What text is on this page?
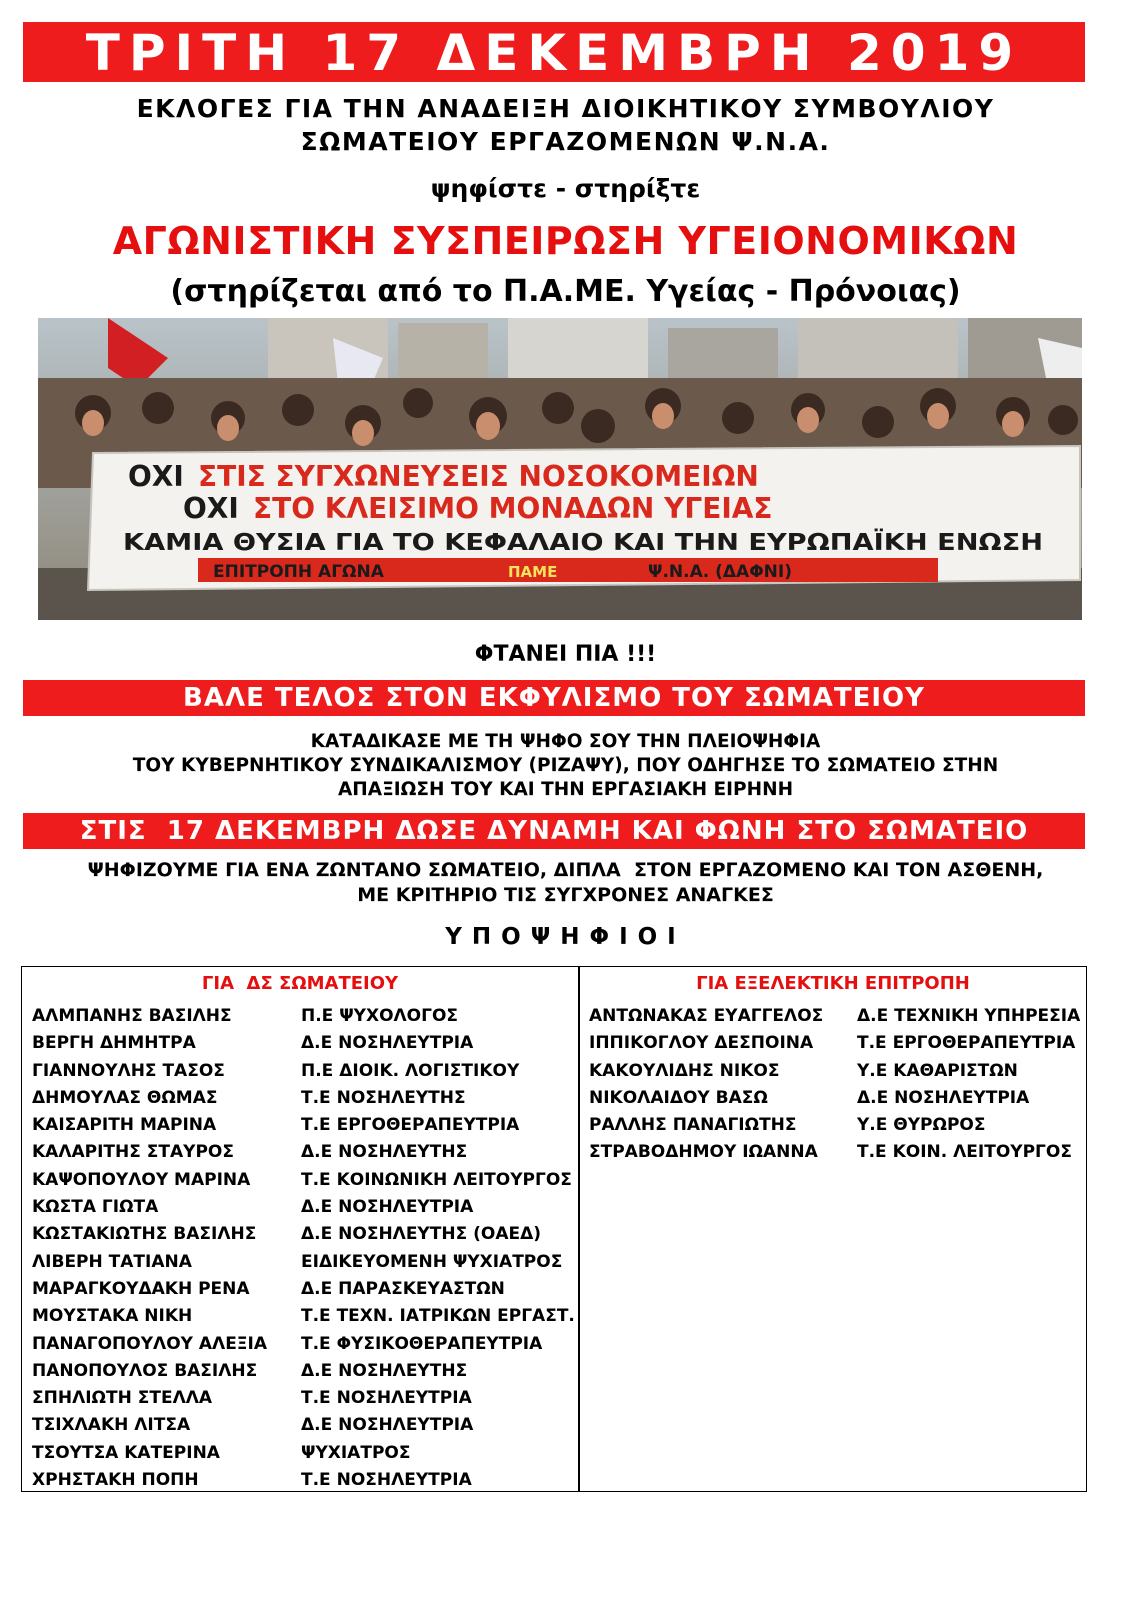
ΤΡΙΤΗ 17 ΔΕΚΕΜΒΡΗ 2019
ΕΚΛΟΓΕΣ ΓΙΑ ΤΗΝ ΑΝΑΔΕΙΞΗ ΔΙΟΙΚΗΤΙΚΟΥ ΣΥΜΒΟΥΛΙΟΥ
ΣΩΜΑΤΕΙΟΥ ΕΡΓΑΖΟΜΕΝΩΝ Ψ.Ν.Α.
ψηφίστε - στηρίξτε
ΑΓΩΝΙΣΤΙΚΗ ΣΥΣΠΕΙΡΩΣΗ ΥΓΕΙΟΝΟΜΙΚΩΝ
(στηρίζεται από το Π.Α.ΜΕ. Υγείας - Πρόνοιας)
ΟΧΙ ΣΤΙΣ ΣΥΓΧΩΝΕΥΣΕΙΣ ΝΟΣΟΚΟΜΕΙΩΝ
ΟΧΙ ΣΤΟ ΚΛΕΙΣΙΜΟ ΜΟΝΑΔΩΝ ΥΓΕΙΑΣ
ΚΑΜΙΑ ΘΥΣΙΑ ΓΙΑ ΤΟ ΚΕΦΑΛΑΙΟ ΚΑΙ ΤΗΝ ΕΥΡΩΠΑΪΚΗ ΕΝΩΣΗ
ΕΠΙΤΡΟΠΗ ΑΓΩΝΑ	ΠΑΜΕ	Ψ.Ν.Α. (ΔΑΦΝΙ)
ΦΤΑΝΕΙ ΠΙΑ !!!
ΒΑΛΕ ΤΕΛΟΣ ΣΤΟΝ ΕΚΦΥΛΙΣΜΟ ΤΟΥ ΣΩΜΑΤΕΙΟΥ
ΚΑΤΑΔΙΚΑΣΕ ΜΕ ΤΗ ΨΗΦΟ ΣΟΥ ΤΗΝ ΠΛΕΙΟΨΗΦΙΑ
ΤΟΥ ΚΥΒΕΡΝΗΤΙΚΟΥ ΣΥΝΔΙΚΑΛΙΣΜΟΥ (ΡΙΖΑΨΥ), ΠΟΥ ΟΔΗΓΗΣΕ ΤΟ ΣΩΜΑΤΕΙΟ ΣΤΗΝ
ΑΠΑΞΙΩΣΗ ΤΟΥ ΚΑΙ ΤΗΝ ΕΡΓΑΣΙΑΚΗ ΕΙΡΗΝΗ
ΣΤΙΣ  17 ΔΕΚΕΜΒΡΗ ΔΩΣΕ ΔΥΝΑΜΗ ΚΑΙ ΦΩΝΗ ΣΤΟ ΣΩΜΑΤΕΙΟ
ΨΗΦΙΖΟΥΜΕ ΓΙΑ ΕΝΑ ΖΩΝΤΑΝΟ ΣΩΜΑΤΕΙΟ, ΔΙΠΛΑ  ΣΤΟΝ ΕΡΓΑΖΟΜΕΝΟ ΚΑΙ ΤΟΝ ΑΣΘΕΝΗ,
ΜΕ ΚΡΙΤΗΡΙΟ ΤΙΣ ΣΥΓΧΡΟΝΕΣ ΑΝΑΓΚΕΣ
ΥΠΟΨΗΦΙΟΙ
ΓΙΑ  ΔΣ ΣΩΜΑΤΕΙΟΥ	ΓΙΑ ΕΞΕΛΕΚΤΙΚΗ ΕΠΙΤΡΟΠΗ
ΑΛΜΠΑΝΗΣ ΒΑΣΙΛΗΣ	Π.Ε ΨΥΧΟΛΟΓΟΣ
ΒΕΡΓΗ ΔΗΜΗΤΡΑ	Δ.Ε ΝΟΣΗΛΕΥΤΡΙΑ
ΓΙΑΝΝΟΥΛΗΣ ΤΑΣΟΣ	Π.Ε ΔΙΟΙΚ. ΛΟΓΙΣΤΙΚΟΥ
ΔΗΜΟΥΛΑΣ ΘΩΜΑΣ	Τ.Ε ΝΟΣΗΛΕΥΤΗΣ
ΚΑΙΣΑΡΙΤΗ ΜΑΡΙΝΑ	Τ.Ε ΕΡΓΟΘΕΡΑΠΕΥΤΡΙΑ
ΚΑΛΑΡΙΤΗΣ ΣΤΑΥΡΟΣ	Δ.Ε ΝΟΣΗΛΕΥΤΗΣ
ΚΑΨΟΠΟΥΛΟΥ ΜΑΡΙΝΑ	Τ.Ε ΚΟΙΝΩΝΙΚΗ ΛΕΙΤΟΥΡΓΟΣ
ΚΩΣΤΑ ΓΙΩΤΑ	Δ.Ε ΝΟΣΗΛΕΥΤΡΙΑ
ΚΩΣΤΑΚΙΩΤΗΣ ΒΑΣΙΛΗΣ	Δ.Ε ΝΟΣΗΛΕΥΤΗΣ (ΟΑΕΔ)
ΛΙΒΕΡΗ ΤΑΤΙΑΝΑ	ΕΙΔΙΚΕΥΟΜΕΝΗ ΨΥΧΙΑΤΡΟΣ
ΜΑΡΑΓΚΟΥΔΑΚΗ ΡΕΝΑ	Δ.Ε ΠΑΡΑΣΚΕΥΑΣΤΩΝ
ΜΟΥΣΤΑΚΑ ΝΙΚΗ	Τ.Ε ΤΕΧΝ. ΙΑΤΡΙΚΩΝ ΕΡΓΑΣΤ.
ΠΑΝΑΓΟΠΟΥΛΟΥ ΑΛΕΞΙΑ Τ.Ε ΦΥΣΙΚΟΘΕΡΑΠΕΥΤΡΙΑ
ΠΑΝΟΠΟΥΛΟΣ ΒΑΣΙΛΗΣ	Δ.Ε ΝΟΣΗΛΕΥΤΗΣ
ΣΠΗΛΙΩΤΗ ΣΤΕΛΛΑ	Τ.Ε ΝΟΣΗΛΕΥΤΡΙΑ
ΤΣΙΧΛΑΚΗ ΛΙΤΣΑ	Δ.Ε ΝΟΣΗΛΕΥΤΡΙΑ
ΤΣΟΥΤΣΑ ΚΑΤΕΡΙΝΑ	ΨΥΧΙΑΤΡΟΣ
ΧΡΗΣΤΑΚΗ ΠΟΠΗ	Τ.Ε ΝΟΣΗΛΕΥΤΡΙΑ
ΑΝΤΩΝΑΚΑΣ ΕΥΑΓΓΕΛΟΣ Δ.Ε ΤΕΧΝΙΚΗ ΥΠΗΡΕΣΙΑ
ΙΠΠΙΚΟΓΛΟΥ ΔΕΣΠΟΙΝΑ	Τ.Ε ΕΡΓΟΘΕΡΑΠΕΥΤΡΙΑ
ΚΑΚΟΥΛΙΔΗΣ ΝΙΚΟΣ	Υ.Ε ΚΑΘΑΡΙΣΤΩΝ
ΝΙΚΟΛΑΙΔΟΥ ΒΑΣΩ	Δ.Ε ΝΟΣΗΛΕΥΤΡΙΑ
ΡΑΛΛΗΣ ΠΑΝΑΓΙΩΤΗΣ	Υ.Ε ΘΥΡΩΡΟΣ
ΣΤΡΑΒΟΔΗΜΟΥ ΙΩΑΝΝΑ Τ.Ε ΚΟΙΝ. ΛΕΙΤΟΥΡΓΟΣ
